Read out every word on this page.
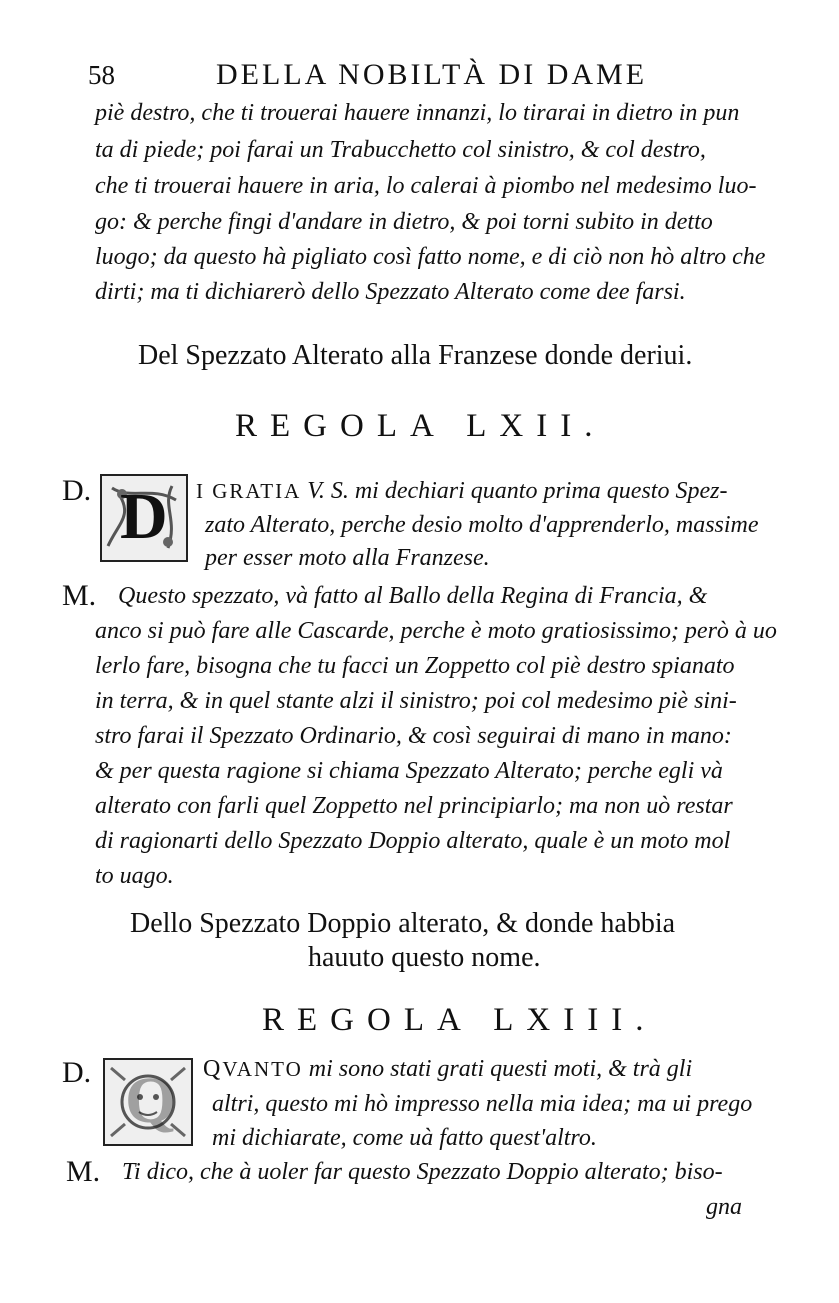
58	DELLA NOBILTÀ DI DAME
piè destro, che ti trouerai hauere innanzi, lo tirarai in dietro in pun
ta di piede; poi farai un Trabucchetto col sinistro, & col destro,
che ti trouerai hauere in aria, lo calerai à piombo nel medesimo luo-
go: & perche fingi d'andare in dietro, & poi torni subito in detto
luogo; da questo hà pigliato così fatto nome, e di ciò non hò altro che
dirti; ma ti dichiarerò dello Spezzato Alterato come dee farsi.
Del Spezzato Alterato alla Franzese donde deriui.
REGOLA LXII.
D. D I GRATIA V. S. mi dechiari quanto prima questo Spez-
zato Alterato, perche desio molto d'apprenderlo, massime
per esser moto alla Franzese.
M. Questo spezzato, và fatto al Ballo della Regina di Francia, &
anco si può fare alle Cascarde, perche è moto gratiosissimo; però à uo
lerlo fare, bisogna che tu facci un Zoppetto col piè destro spianato
in terra, & in quel stante alzi il sinistro; poi col medesimo piè sini-
stro farai il Spezzato Ordinario, & così seguirai di mano in mano:
& per questa ragione si chiama Spezzato Alterato; perche egli và
alterato con farli quel Zoppetto nel principiarlo; ma non uò restar
di ragionarti dello Spezzato Doppio alterato, quale è un moto mol
to uago.
Dello Spezzato Doppio alterato, & donde habbia
hauuto questo nome.
REGOLA LXIII.
D. Q QVANTO mi sono stati grati questi moti, & trà gli
altri, questo mi hò impresso nella mia idea; ma ui prego
mi dichiarate, come uà fatto quest'altro.
M. Ti dico, che à uoler far questo Spezzato Doppio alterato; biso-
gna
